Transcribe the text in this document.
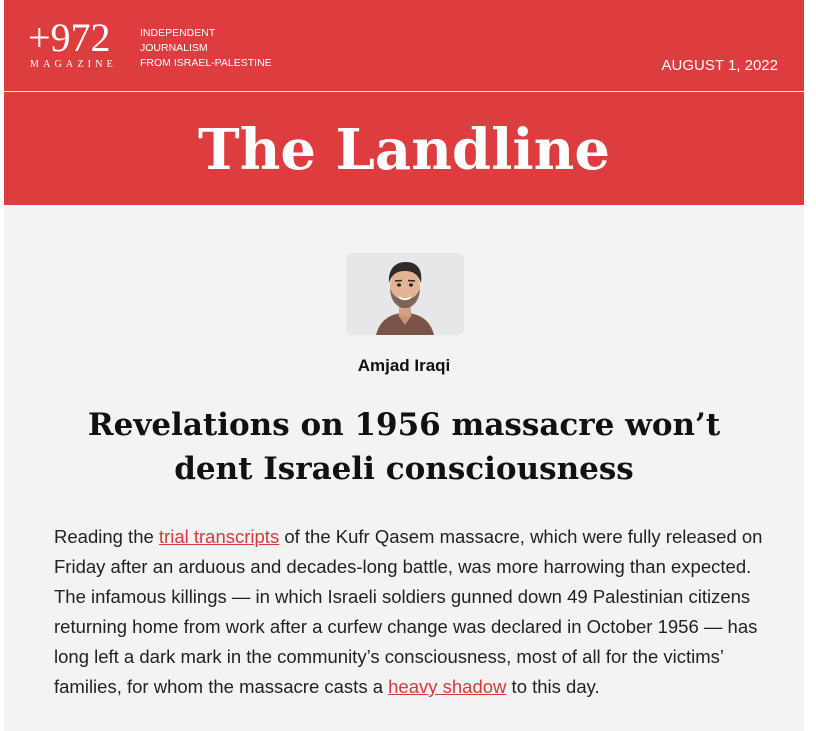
+972
MAGAZINE
INDEPENDENT
JOURNALISM
FROM ISRAEL-PALESTINE	AUGUST 1, 2022
The Landline
Amjad Iraqi
Revelations on 1956 massacre won’t dent Israeli consciousness

Reading the trial transcripts of the Kufr Qasem massacre, which were fully released on Friday after an arduous and decades-long battle, was more harrowing than expected. The infamous killings — in which Israeli soldiers gunned down 49 Palestinian citizens returning home from work after a curfew change was declared in October 1956 — has long left a dark mark in the community’s consciousness, most of all for the victims’ families, for whom the massacre casts a heavy shadow to this day.
